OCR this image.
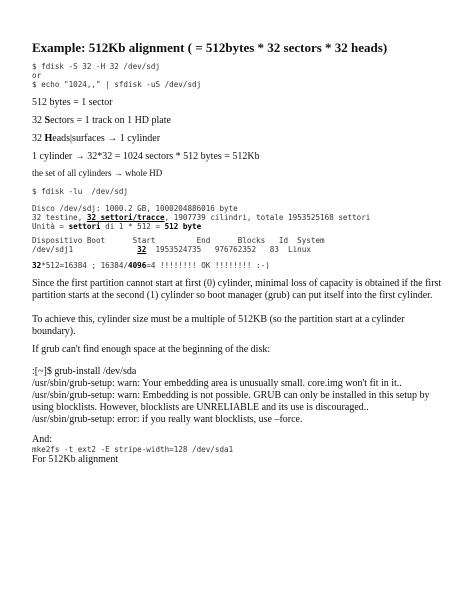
Example: 512Kb alignment ( = 512bytes * 32 sectors * 32 heads)
$ fdisk -S 32 -H 32 /dev/sdj
or
$ echo "1024,," | sfdisk -uS /dev/sdj
512 bytes = 1 sector
32 Sectors = 1 track on 1 HD plate
32 Heads|surfaces → 1 cylinder
1 cylinder → 32*32 = 1024 sectors * 512 bytes = 512Kb
the set of all cylinders → whole HD
$ fdisk -lu  /dev/sdj
Disco /dev/sdj: 1000.2 GB, 1000204886016 byte
32 testine, 32 settori/tracce, 1907739 cilindri, totale 1953525168 settori
Unità = settori di 1 * 512 = 512 byte
Dispositivo Boot      Start         End      Blocks   Id  System
/dev/sdj1              32  1953524735   976762352   83  Linux
32*512=16384 ; 16384/4096=4 !!!!!!!! OK !!!!!!!! :-)
Since the first partition cannot start at first (0) cylinder, minimal loss of capacity is obtained if the first partition starts at the second (1) cylinder so boot manager (grub) can put itself into the first cylinder.
To achieve this, cylinder size must be a multiple of 512KB (so the partition start at a cylinder boundary).
If grub can't find enough space at the beginning of the disk:
:[~]$ grub-install /dev/sda
/usr/sbin/grub-setup: warn: Your embedding area is unusually small. core.img won't fit in it..
/usr/sbin/grub-setup: warn: Embedding is not possible. GRUB can only be installed in this setup by using blocklists. However, blocklists are UNRELIABLE and its use is discouraged..
/usr/sbin/grub-setup: error: if you really want blocklists, use –force.
And:
mke2fs -t ext2 -E stripe-width=128 /dev/sda1
For 512Kb alignment
